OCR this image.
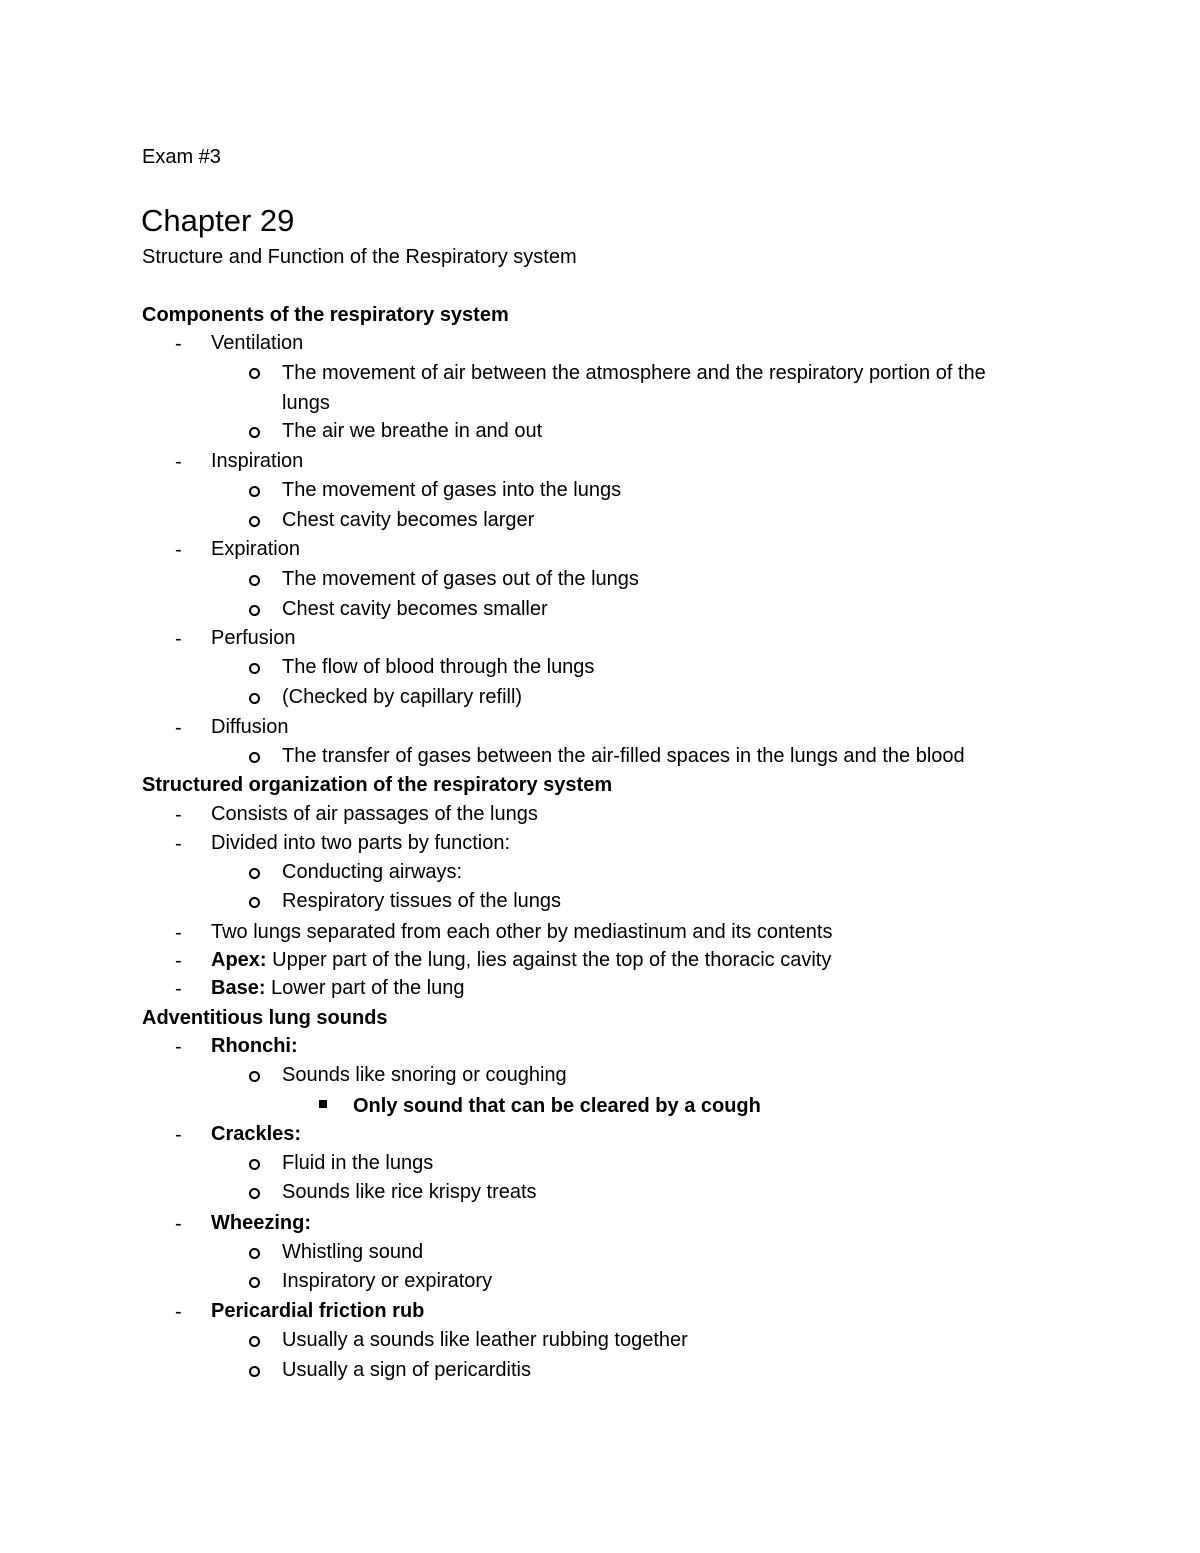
Exam #3
Chapter 29
Structure and Function of the Respiratory system
Components of the respiratory system
- Ventilation
The movement of air between the atmosphere and the respiratory portion of the
lungs
The air we breathe in and out
- Inspiration
The movement of gases into the lungs
Chest cavity becomes larger
- Expiration
The movement of gases out of the lungs
Chest cavity becomes smaller
- Perfusion
The flow of blood through the lungs
(Checked by capillary refill)
- Diffusion
The transfer of gases between the air-filled spaces in the lungs and the blood
Structured organization of the respiratory system
- Consists of air passages of the lungs
- Divided into two parts by function:
Conducting airways:
Respiratory tissues of the lungs
- Two lungs separated from each other by mediastinum and its contents
- Apex: Upper part of the lung, lies against the top of the thoracic cavity
- Base: Lower part of the lung
Adventitious lung sounds
- Rhonchi:
Sounds like snoring or coughing
Only sound that can be cleared by a cough
- Crackles:
Fluid in the lungs
Sounds like rice krispy treats
- Wheezing:
Whistling sound
Inspiratory or expiratory
- Pericardial friction rub
Usually a sounds like leather rubbing together
Usually a sign of pericarditis
